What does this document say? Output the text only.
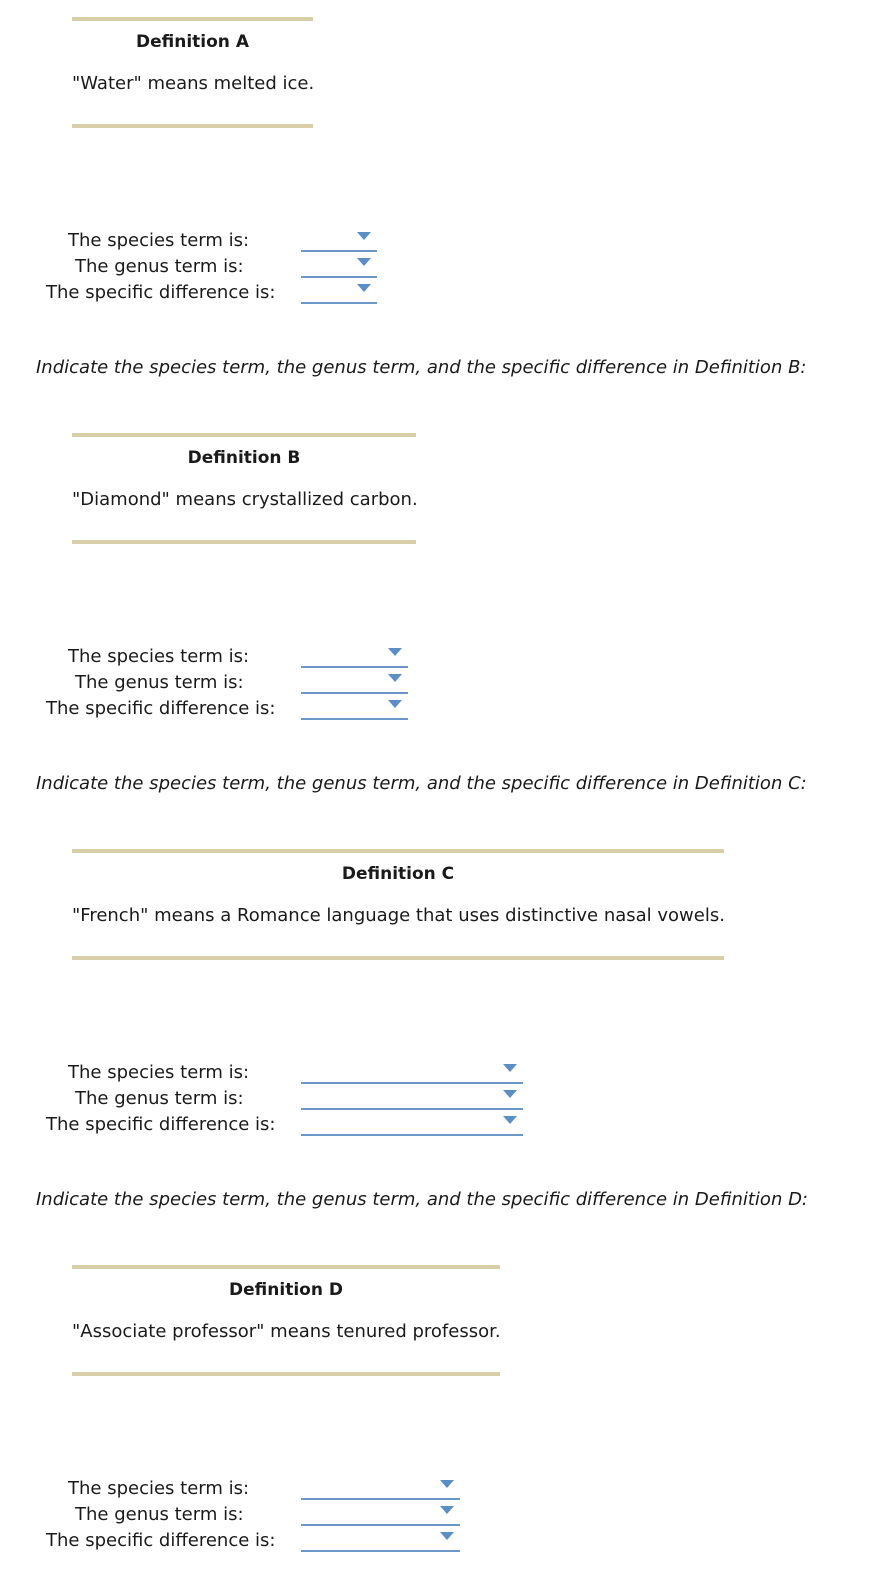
Definition A
"Water" means melted ice.
The species term is:
The genus term is:
The specific difference is:
Indicate the species term, the genus term, and the specific difference in Definition B:
Definition B
"Diamond" means crystallized carbon.
The species term is:
The genus term is:
The specific difference is:
Indicate the species term, the genus term, and the specific difference in Definition C:
Definition C
"French" means a Romance language that uses distinctive nasal vowels.
The species term is:
The genus term is:
The specific difference is:
Indicate the species term, the genus term, and the specific difference in Definition D:
Definition D
"Associate professor" means tenured professor.
The species term is:
The genus term is:
The specific difference is:
